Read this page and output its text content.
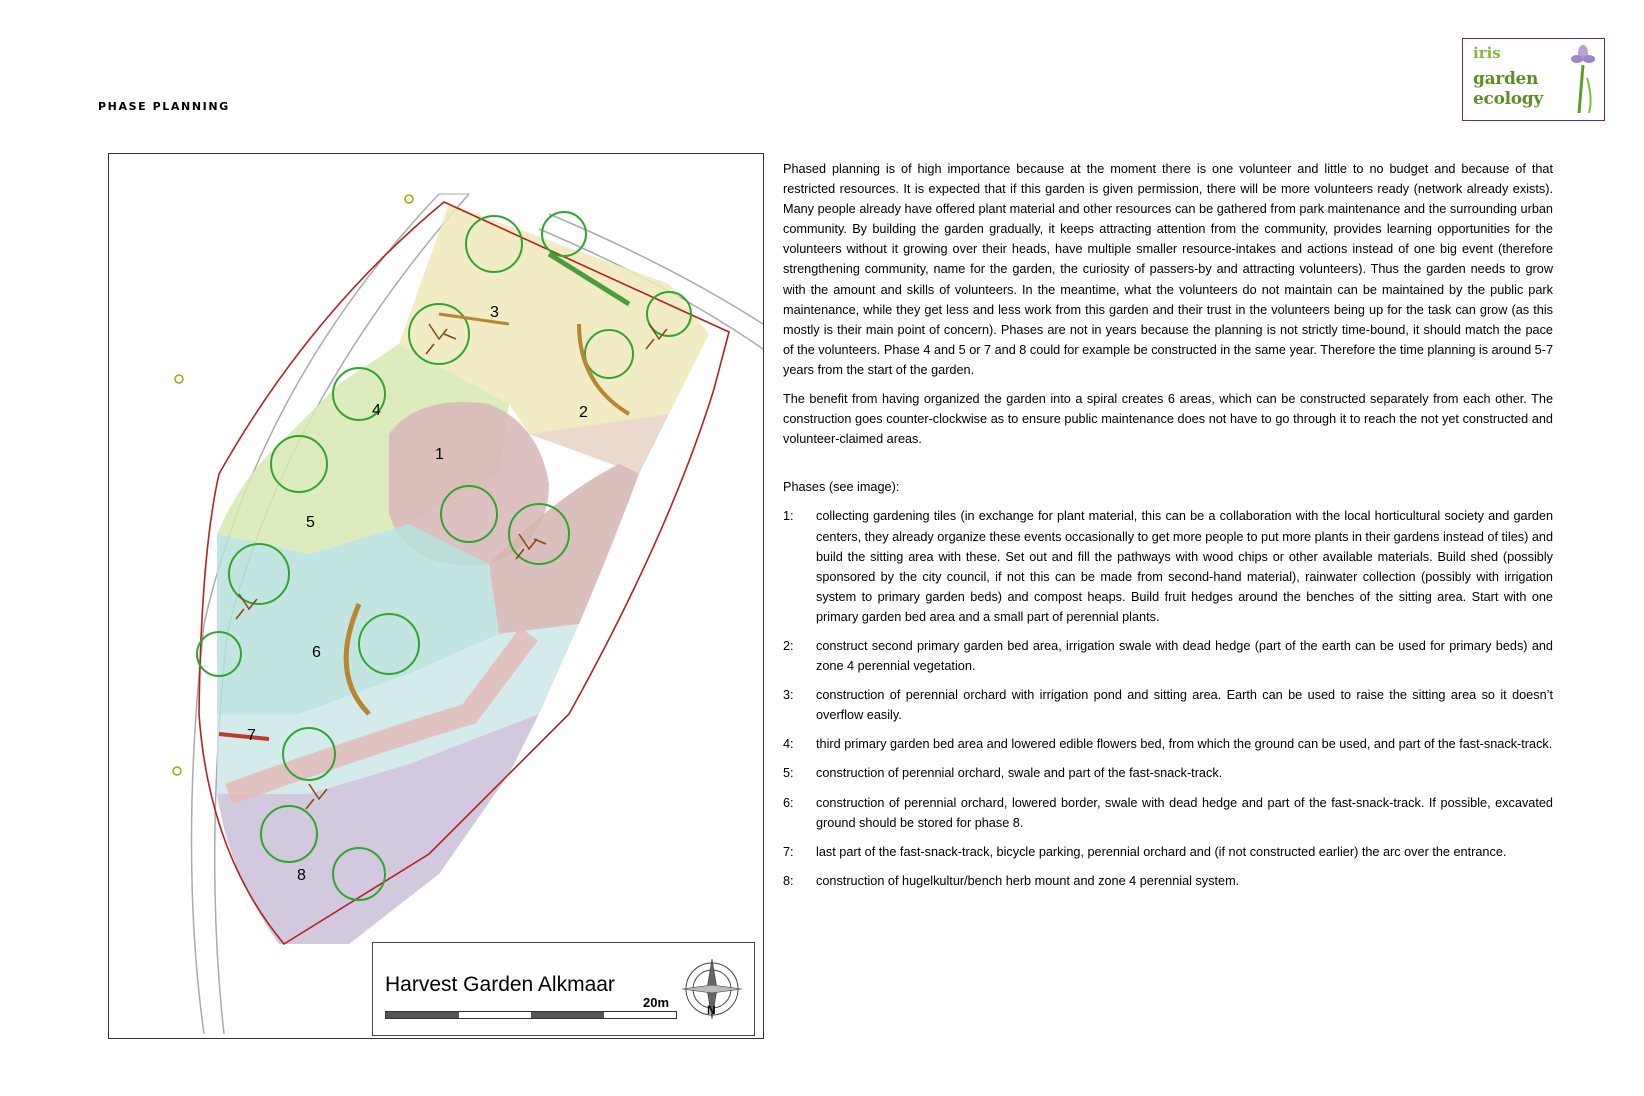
PHASE PLANNING
iris
garden ecology
1
2
3
4
5
6
7
8
Harvest Garden Alkmaar
20m	N

Phased planning is of high importance because at the moment there is one volunteer and little to no budget and because of that restricted resources. It is expected that if this garden is given permission, there will be more volunteers ready (network already exists). Many people already have offered plant material and other resources can be gathered from park maintenance and the surrounding urban community. By building the garden gradually, it keeps attracting attention from the community, provides learning opportunities for the volunteers without it growing over their heads, have multiple smaller resource-intakes and actions instead of one big event (therefore strengthening community, name for the garden, the curiosity of passers-by and attracting volunteers). Thus the garden needs to grow with the amount and skills of volunteers. In the meantime, what the volunteers do not maintain can be maintained by the public park maintenance, while they get less and less work from this garden and their trust in the volunteers being up for the task can grow (as this mostly is their main point of concern). Phases are not in years because the planning is not strictly time-bound, it should match the pace of the volunteers. Phase 4 and 5 or 7 and 8 could for example be constructed in the same year. Therefore the time planning is around 5-7 years from the start of the garden.

The benefit from having organized the garden into a spiral creates 6 areas, which can be constructed separately from each other. The construction goes counter-clockwise as to ensure public maintenance does not have to go through it to reach the not yet constructed and volunteer-claimed areas.

Phases (see image):

1:	collecting gardening tiles (in exchange for plant material, this can be a collaboration with the local horticultural society and garden centers, they already organize these events occasionally to get more people to put more plants in their gardens instead of tiles) and build the sitting area with these. Set out and fill the pathways with wood chips or other available materials. Build shed (possibly sponsored by the city council, if not this can be made from second-hand material), rainwater collection (possibly with irrigation system to primary garden beds) and compost heaps. Build fruit hedges around the benches of the sitting area. Start with one primary garden bed area and a small part of perennial plants.
2:	construct second primary garden bed area, irrigation swale with dead hedge (part of the earth can be used for primary beds) and zone 4 perennial vegetation.
3:	construction of perennial orchard with irrigation pond and sitting area. Earth can be used to raise the sitting area so it doesn’t overflow easily.
4:	third primary garden bed area and lowered edible flowers bed, from which the ground can be used, and part of the fast-snack-track.
5:	construction of perennial orchard, swale and part of the fast-snack-track.
6:	construction of perennial orchard, lowered border, swale with dead hedge and part of the fast-snack-track. If possible, excavated ground should be stored for phase 8.
7:	last part of the fast-snack-track, bicycle parking, perennial orchard and (if not constructed earlier) the arc over the entrance.
8:	construction of hugelkultur/bench herb mount and zone 4 perennial system.
